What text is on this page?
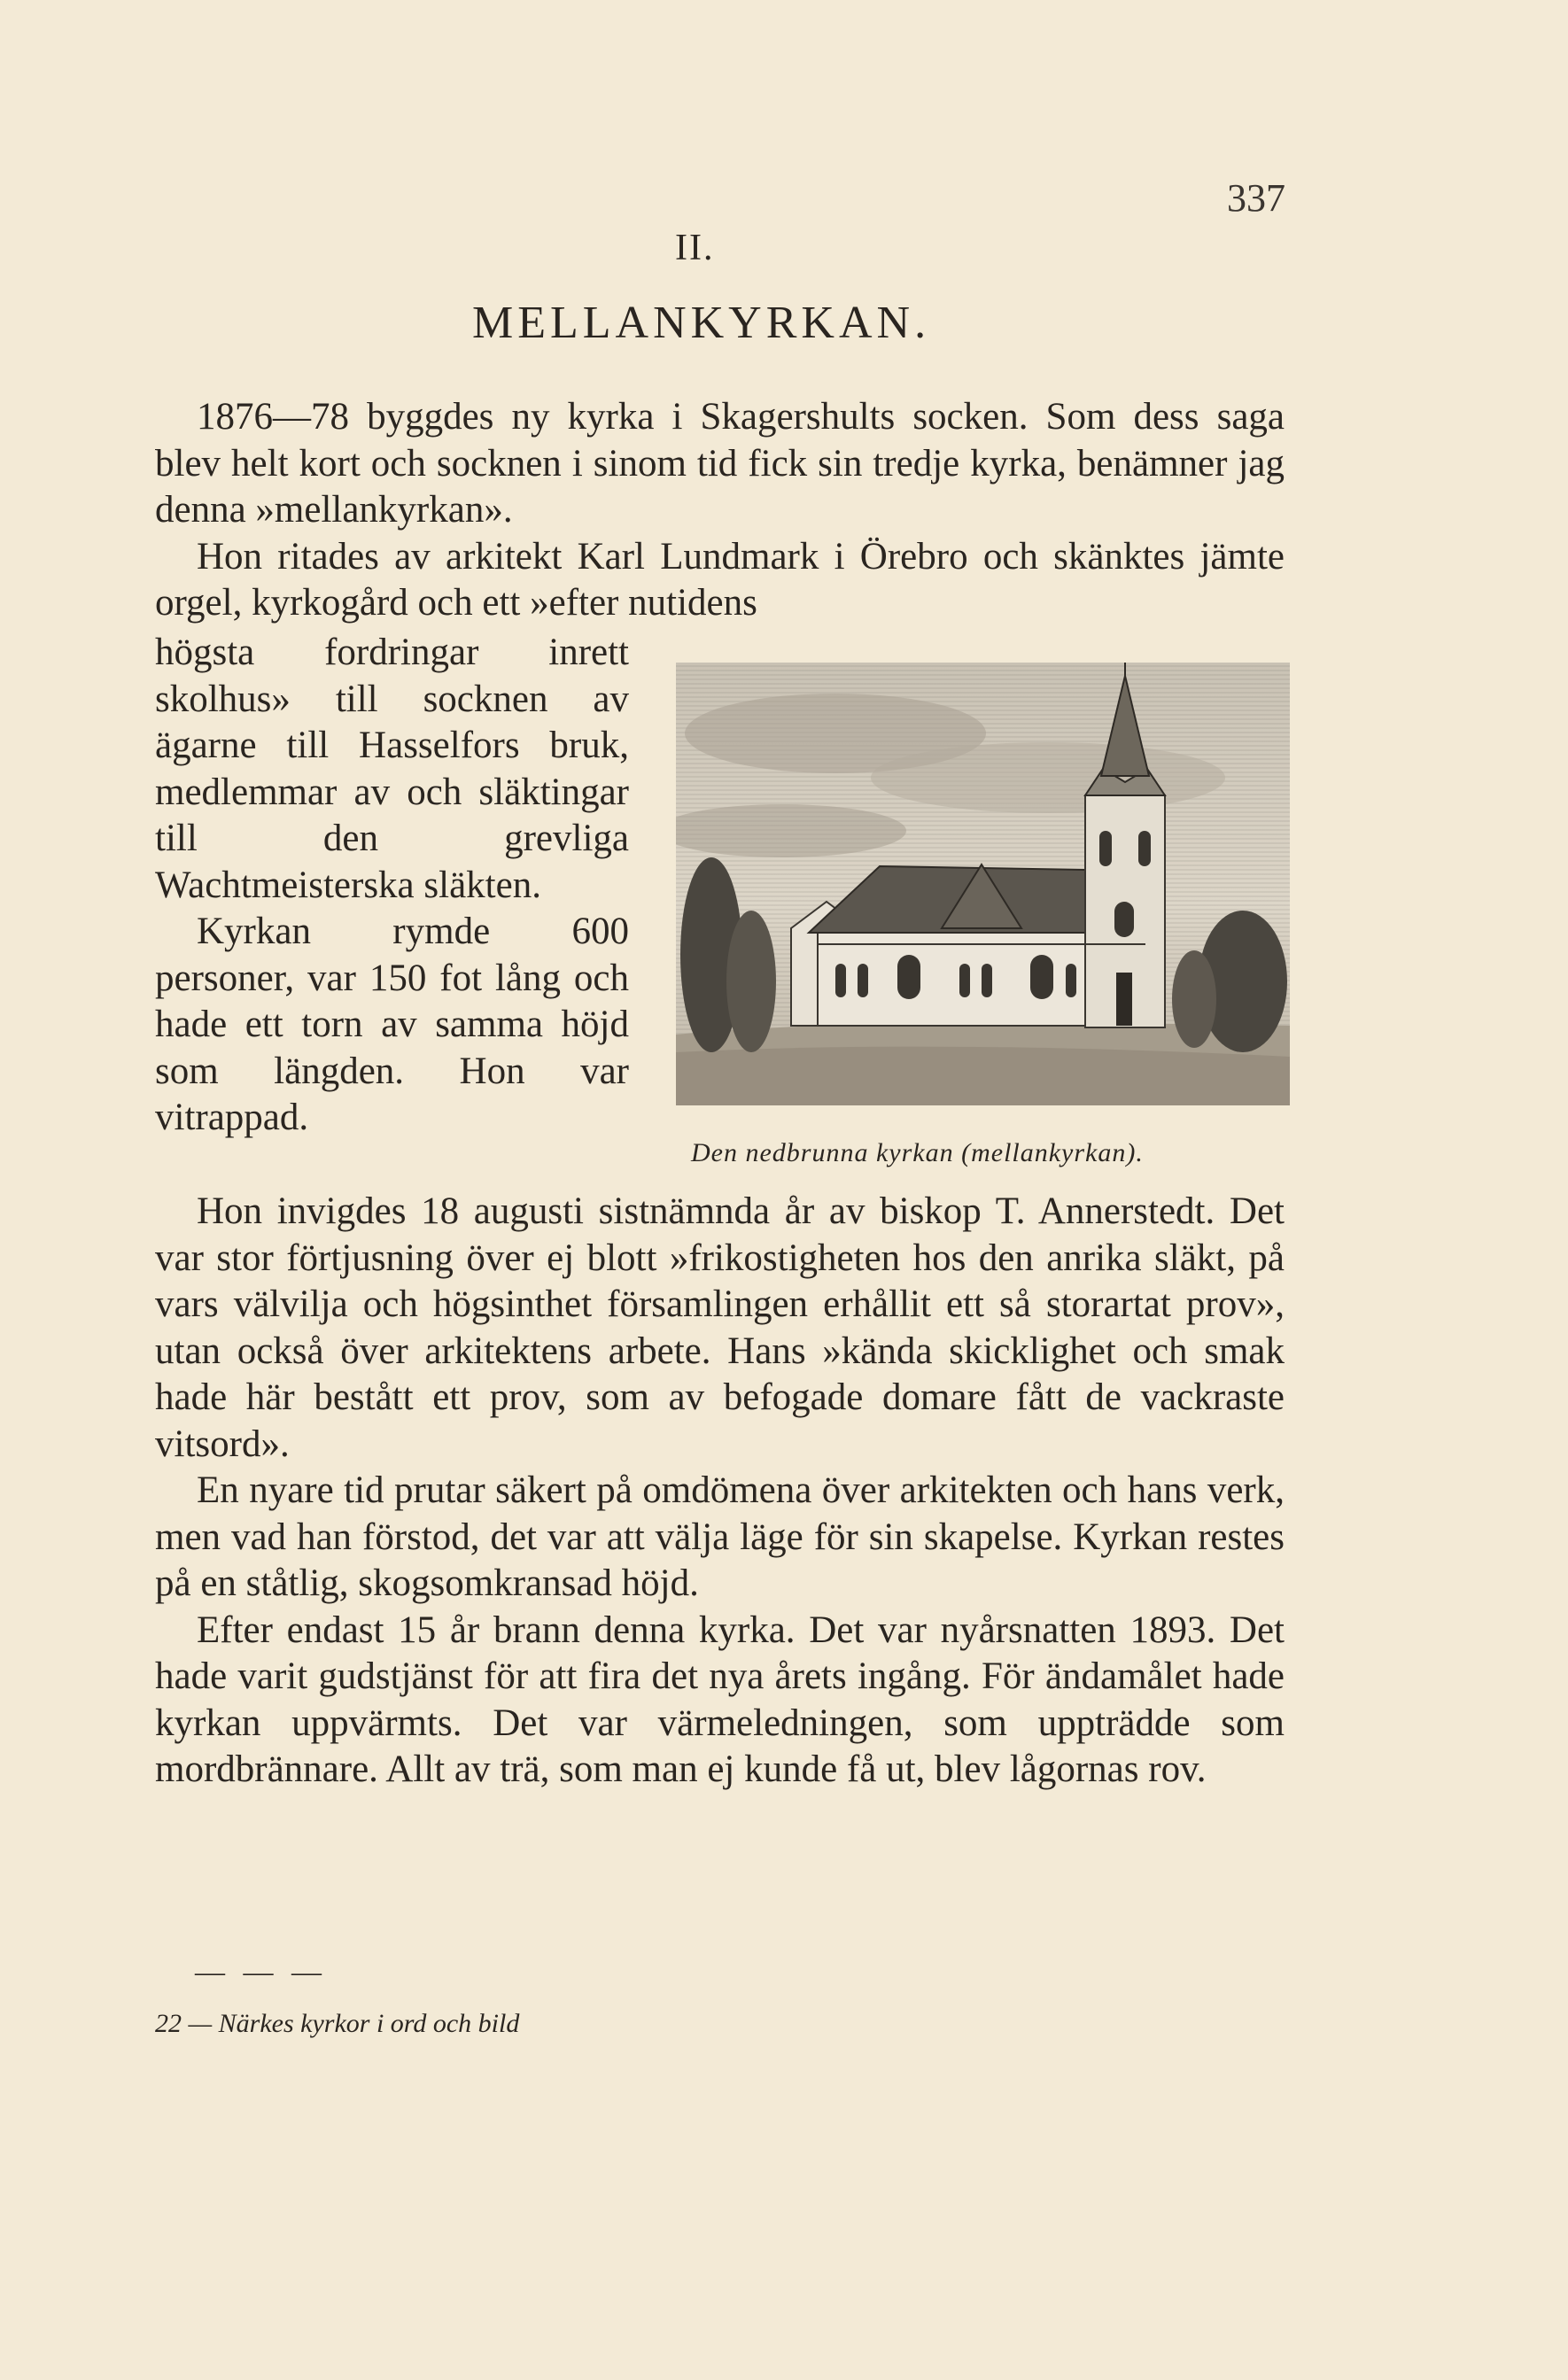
337
II.
MELLANKYRKAN.

1876—78 byggdes ny kyrka i Skagershults socken. Som dess saga blev helt kort och socknen i sinom tid fick sin tredje kyrka, benämner jag denna »mellankyrkan».

Hon ritades av arkitekt Karl Lundmark i Örebro och skänktes jämte orgel, kyrkogård och ett »efter nutidens

högsta fordringar inrett skolhus» till socknen av ägarne till Hasselfors bruk, medlemmar av och släktingar till den grevliga Wachtmeisterska släkten.

Kyrkan rymde 600 personer, var 150 fot lång och hade ett torn av samma höjd som längden. Hon var vitrappad.

Den nedbrunna kyrkan (mellankyrkan).

Hon invigdes 18 augusti sistnämnda år av biskop T. Annerstedt. Det var stor förtjusning över ej blott »frikostigheten hos den anrika släkt, på vars välvilja och högsinthet församlingen erhållit ett så storartat prov», utan också över arkitektens arbete. Hans »kända skicklighet och smak hade här bestått ett prov, som av befogade domare fått de vackraste vitsord».

En nyare tid prutar säkert på omdömena över arkitekten och hans verk, men vad han förstod, det var att välja läge för sin skapelse. Kyrkan restes på en ståtlig, skogsomkransad höjd.

Efter endast 15 år brann denna kyrka. Det var nyårsnatten 1893. Det hade varit gudstjänst för att fira det nya årets ingång. För ändamålet hade kyrkan uppvärmts. Det var värmeledningen, som uppträdde som mordbrännare. Allt av trä, som man ej kunde få ut, blev lågornas rov.

— — —
22 — Närkes kyrkor i ord och bild
